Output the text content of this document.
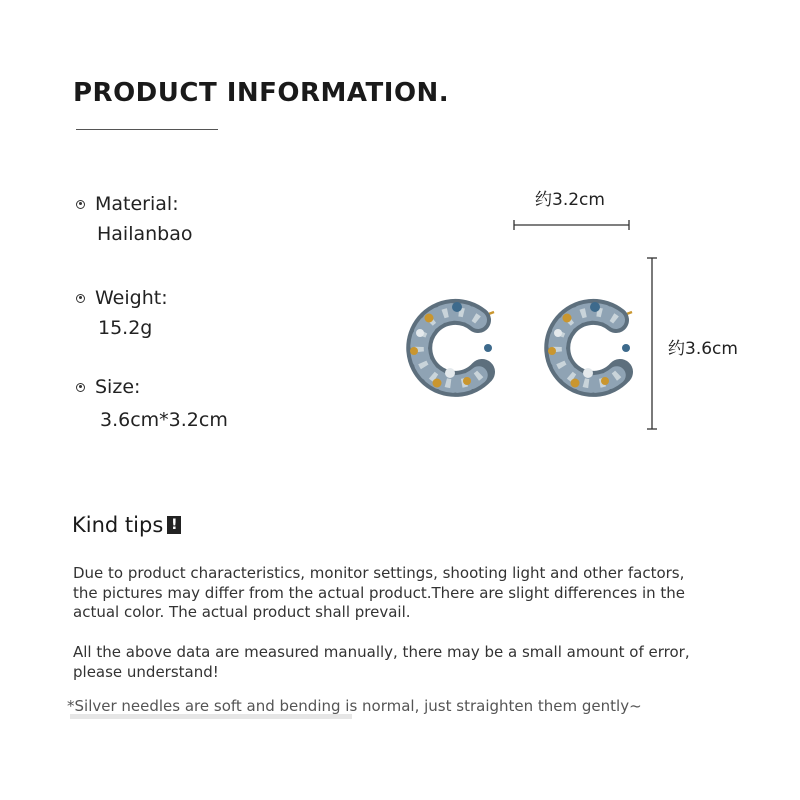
PRODUCT INFORMATION.
Material:
Hailanbao
Weight:
15.2g
Size:
3.6cm*3.2cm
约3.2cm
约3.6cm
Kind tips !
Due to product characteristics, monitor settings, shooting light and other factors, the pictures may differ from the actual product.There are slight differences in the actual color. The actual product shall prevail.
All the above data are measured manually, there may be a small amount of error, please understand!
*Silver needles are soft and bending is normal, just straighten them gently~
